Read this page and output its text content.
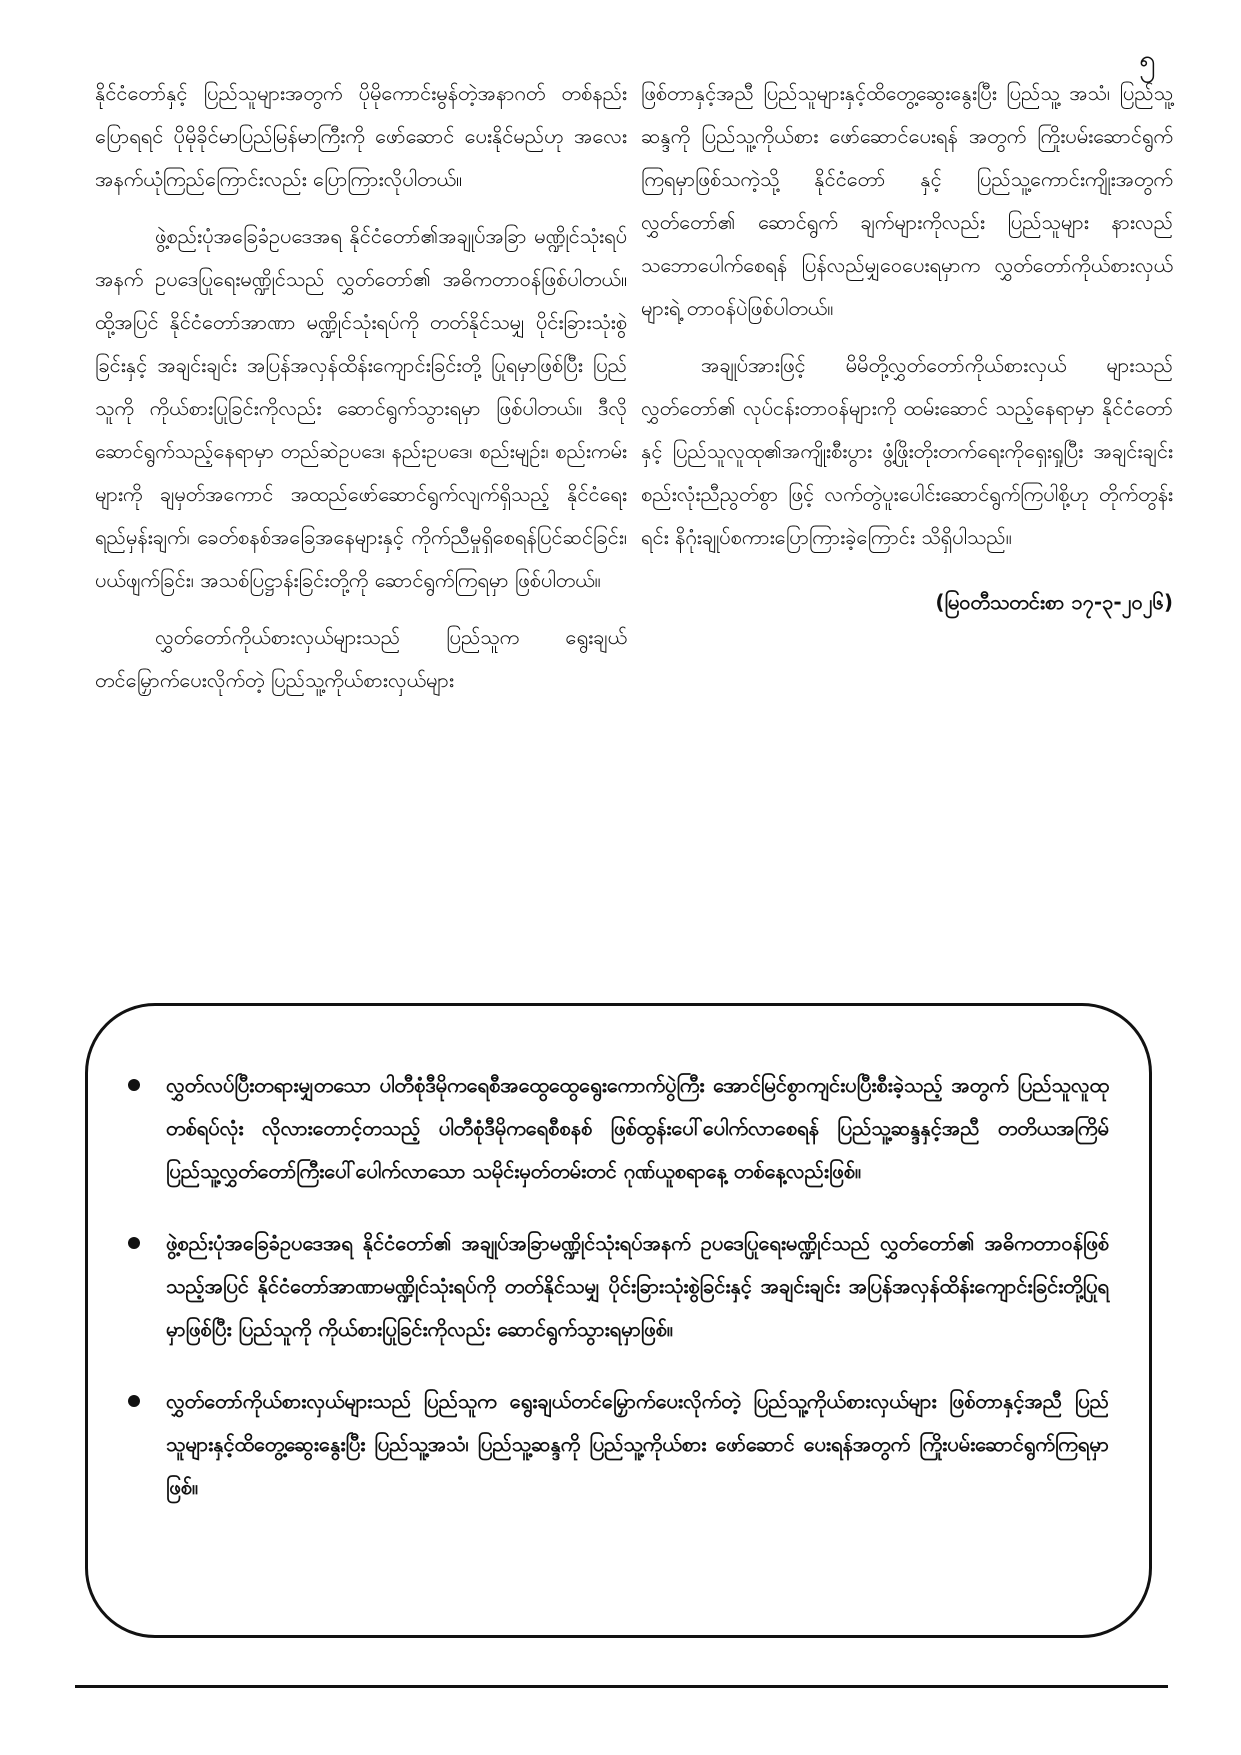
၅

နိုင်ငံတော်နှင့် ပြည်သူများအတွက် ပိုမိုကောင်းမွန်တဲ့အနာဂတ် တစ်နည်းပြောရရင် ပိုမိုခိုင်မာပြည်မြန်မာကြီးကို ဖော်ဆောင် ပေးနိုင်မည်ဟု အလေးအနက်ယုံကြည်ကြောင်းလည်း ပြောကြားလိုပါတယ်။

ဖွဲ့စည်းပုံအခြေခံဥပဒေအရ နိုင်ငံတော်၏အချုပ်အခြာ မဏ္ဍိုင်သုံးရပ်အနက် ဥပဒေပြုရေးမဏ္ဍိုင်သည် လွှတ်တော်၏ အဓိကတာဝန်ဖြစ်ပါတယ်။ ထို့အပြင် နိုင်ငံတော်အာဏာ မဏ္ဍိုင်သုံးရပ်ကို တတ်နိုင်သမျှ ပိုင်းခြားသုံးစွဲခြင်းနှင့် အချင်းချင်း အပြန်အလှန်ထိန်းကျောင်းခြင်းတို့ ပြုရမှာဖြစ်ပြီး ပြည်သူကို ကိုယ်စားပြုခြင်းကိုလည်း ဆောင်ရွက်သွားရမှာ ဖြစ်ပါတယ်။ ဒီလိုဆောင်ရွက်သည့်နေရာမှာ တည်ဆဲဥပဒေ၊ နည်းဥပဒေ၊ စည်းမျဉ်း၊ စည်းကမ်းများကို ချမှတ်အကောင် အထည်ဖော်ဆောင်ရွက်လျက်ရှိသည့် နိုင်ငံရေးရည်မှန်းချက်၊ ခေတ်စနစ်အခြေအနေများနှင့် ကိုက်ညီမှုရှိစေရန်ပြင်ဆင်ခြင်း၊ ပယ်ဖျက်ခြင်း၊ အသစ်ပြဋ္ဌာန်းခြင်းတို့ကို ဆောင်ရွက်ကြရမှာ ဖြစ်ပါတယ်။

လွှတ်တော်ကိုယ်စားလှယ်များသည် ပြည်သူက ရွေးချယ်တင်မြှောက်ပေးလိုက်တဲ့ ပြည်သူ့ကိုယ်စားလှယ်များ

ဖြစ်တာနှင့်အညီ ပြည်သူများနှင့်ထိတွေ့ဆွေးနွေးပြီး ပြည်သူ့ အသံ၊ ပြည်သူ့ဆန္ဒကို ပြည်သူ့ကိုယ်စား ဖော်ဆောင်ပေးရန် အတွက် ကြိုးပမ်းဆောင်ရွက်ကြရမှာဖြစ်သကဲ့သို့ နိုင်ငံတော် နှင့် ပြည်သူ့ကောင်းကျိုးအတွက် လွှတ်တော်၏ ဆောင်ရွက် ချက်များကိုလည်း ပြည်သူများ နားလည်သဘောပေါက်စေရန် ပြန်လည်မျှဝေပေးရမှာက လွှတ်တော်ကိုယ်စားလှယ်များရဲ့ တာဝန်ပဲဖြစ်ပါတယ်။

အချုပ်အားဖြင့် မိမိတို့လွှတ်တော်ကိုယ်စားလှယ် များသည် လွှတ်တော်၏ လုပ်ငန်းတာဝန်များကို ထမ်းဆောင် သည့်နေရာမှာ နိုင်ငံတော်နှင့် ပြည်သူလူထု၏အကျိုးစီးပွား ဖွံ့ဖြိုးတိုးတက်ရေးကိုရှေးရှုပြီး အချင်းချင်းစည်းလုံးညီညွတ်စွာ ဖြင့် လက်တွဲပူးပေါင်းဆောင်ရွက်ကြပါစို့ဟု တိုက်တွန်းရင်း နိဂုံးချုပ်စကားပြောကြားခဲ့ကြောင်း သိရှိပါသည်။

(မြဝတီသတင်းစာ ၁၇-၃-၂၀၂၆)
လွှတ်လပ်ပြီးတရားမျှတသော ပါတီစုံဒီမိုကရေစီအထွေထွေရွေးကောက်ပွဲကြီး အောင်မြင်စွာကျင်းပပြီးစီးခဲ့သည့် အတွက် ပြည်သူလူထုတစ်ရပ်လုံး လိုလားတောင့်တသည့် ပါတီစုံဒီမိုကရေစီစနစ် ဖြစ်ထွန်းပေါ်ပေါက်လာစေရန် ပြည်သူ့ဆန္ဒနှင့်အညီ တတိယအကြိမ် ပြည်သူ့လွှတ်တော်ကြီးပေါ်ပေါက်လာသော သမိုင်းမှတ်တမ်းတင် ဂုဏ်ယူစရာနေ့ တစ်နေ့လည်းဖြစ်။
ဖွဲ့စည်းပုံအခြေခံဥပဒေအရ နိုင်ငံတော်၏ အချုပ်အခြာမဏ္ဍိုင်သုံးရပ်အနက် ဥပဒေပြုရေးမဏ္ဍိုင်သည် လွှတ်တော်၏ အဓိကတာဝန်ဖြစ်သည့်အပြင် နိုင်ငံတော်အာဏာမဏ္ဍိုင်သုံးရပ်ကို တတ်နိုင်သမျှ ပိုင်းခြားသုံးစွဲခြင်းနှင့် အချင်းချင်း အပြန်အလှန်ထိန်းကျောင်းခြင်းတို့ပြုရမှာဖြစ်ပြီး ပြည်သူကို ကိုယ်စားပြုခြင်းကိုလည်း ဆောင်ရွက်သွားရမှာဖြစ်။
လွှတ်တော်ကိုယ်စားလှယ်များသည် ပြည်သူက ရွေးချယ်တင်မြှောက်ပေးလိုက်တဲ့ ပြည်သူ့ကိုယ်စားလှယ်များ ဖြစ်တာနှင့်အညီ ပြည်သူများနှင့်ထိတွေ့ဆွေးနွေးပြီး ပြည်သူ့အသံ၊ ပြည်သူ့ဆန္ဒကို ပြည်သူ့ကိုယ်စား ဖော်ဆောင် ပေးရန်အတွက် ကြိုးပမ်းဆောင်ရွက်ကြရမှာဖြစ်။
